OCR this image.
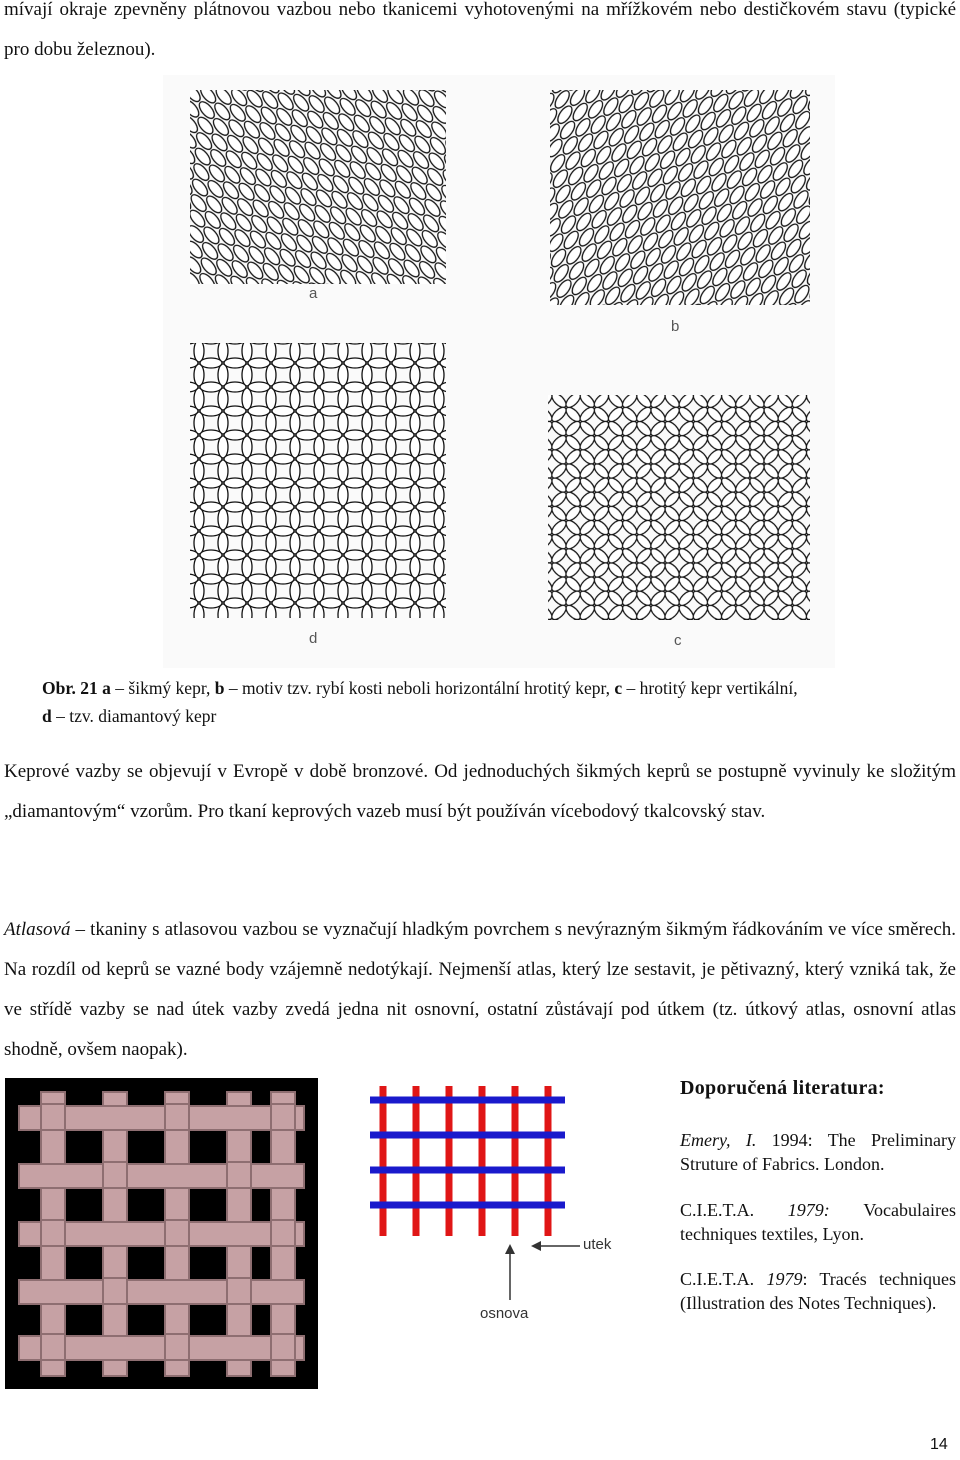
mívají okraje zpevněny plátnovou vazbou nebo tkanicemi vyhotovenými na mřížkovém nebo destičkovém stavu (typické pro dobu železnou).
a
b
d	c
Obr. 21 a – šikmý kepr, b – motiv tzv. rybí kosti neboli horizontální hrotitý kepr, c – hrotitý kepr vertikální,
d – tzv. diamantový kepr
Keprové vazby se objevují v Evropě v době bronzové. Od jednoduchých šikmých keprů se postupně vyvinuly ke složitým „diamantovým“ vzorům. Pro tkaní keprových vazeb musí být používán vícebodový tkalcovský stav.
Atlasová – tkaniny s atlasovou vazbou se vyznačují hladkým povrchem s nevýrazným šikmým řádkováním ve více směrech. Na rozdíl od keprů se vazné body vzájemně nedotýkají. Nejmenší atlas, který lze sestavit, je pětivazný, který vzniká tak, že ve střídě vazby se nad útek vazby zvedá jedna nit osnovní, ostatní zůstávají pod útkem (tz. útkový atlas, osnovní atlas shodně, ovšem naopak).
utek
osnova
Doporučená literatura:
Emery, I. 1994: The Preliminary Struture of Fabrics. London.
C.I.E.T.A. 1979: Vocabulaires techniques textiles, Lyon.
C.I.E.T.A. 1979: Tracés techniques (Illustration des Notes Techniques).
14
